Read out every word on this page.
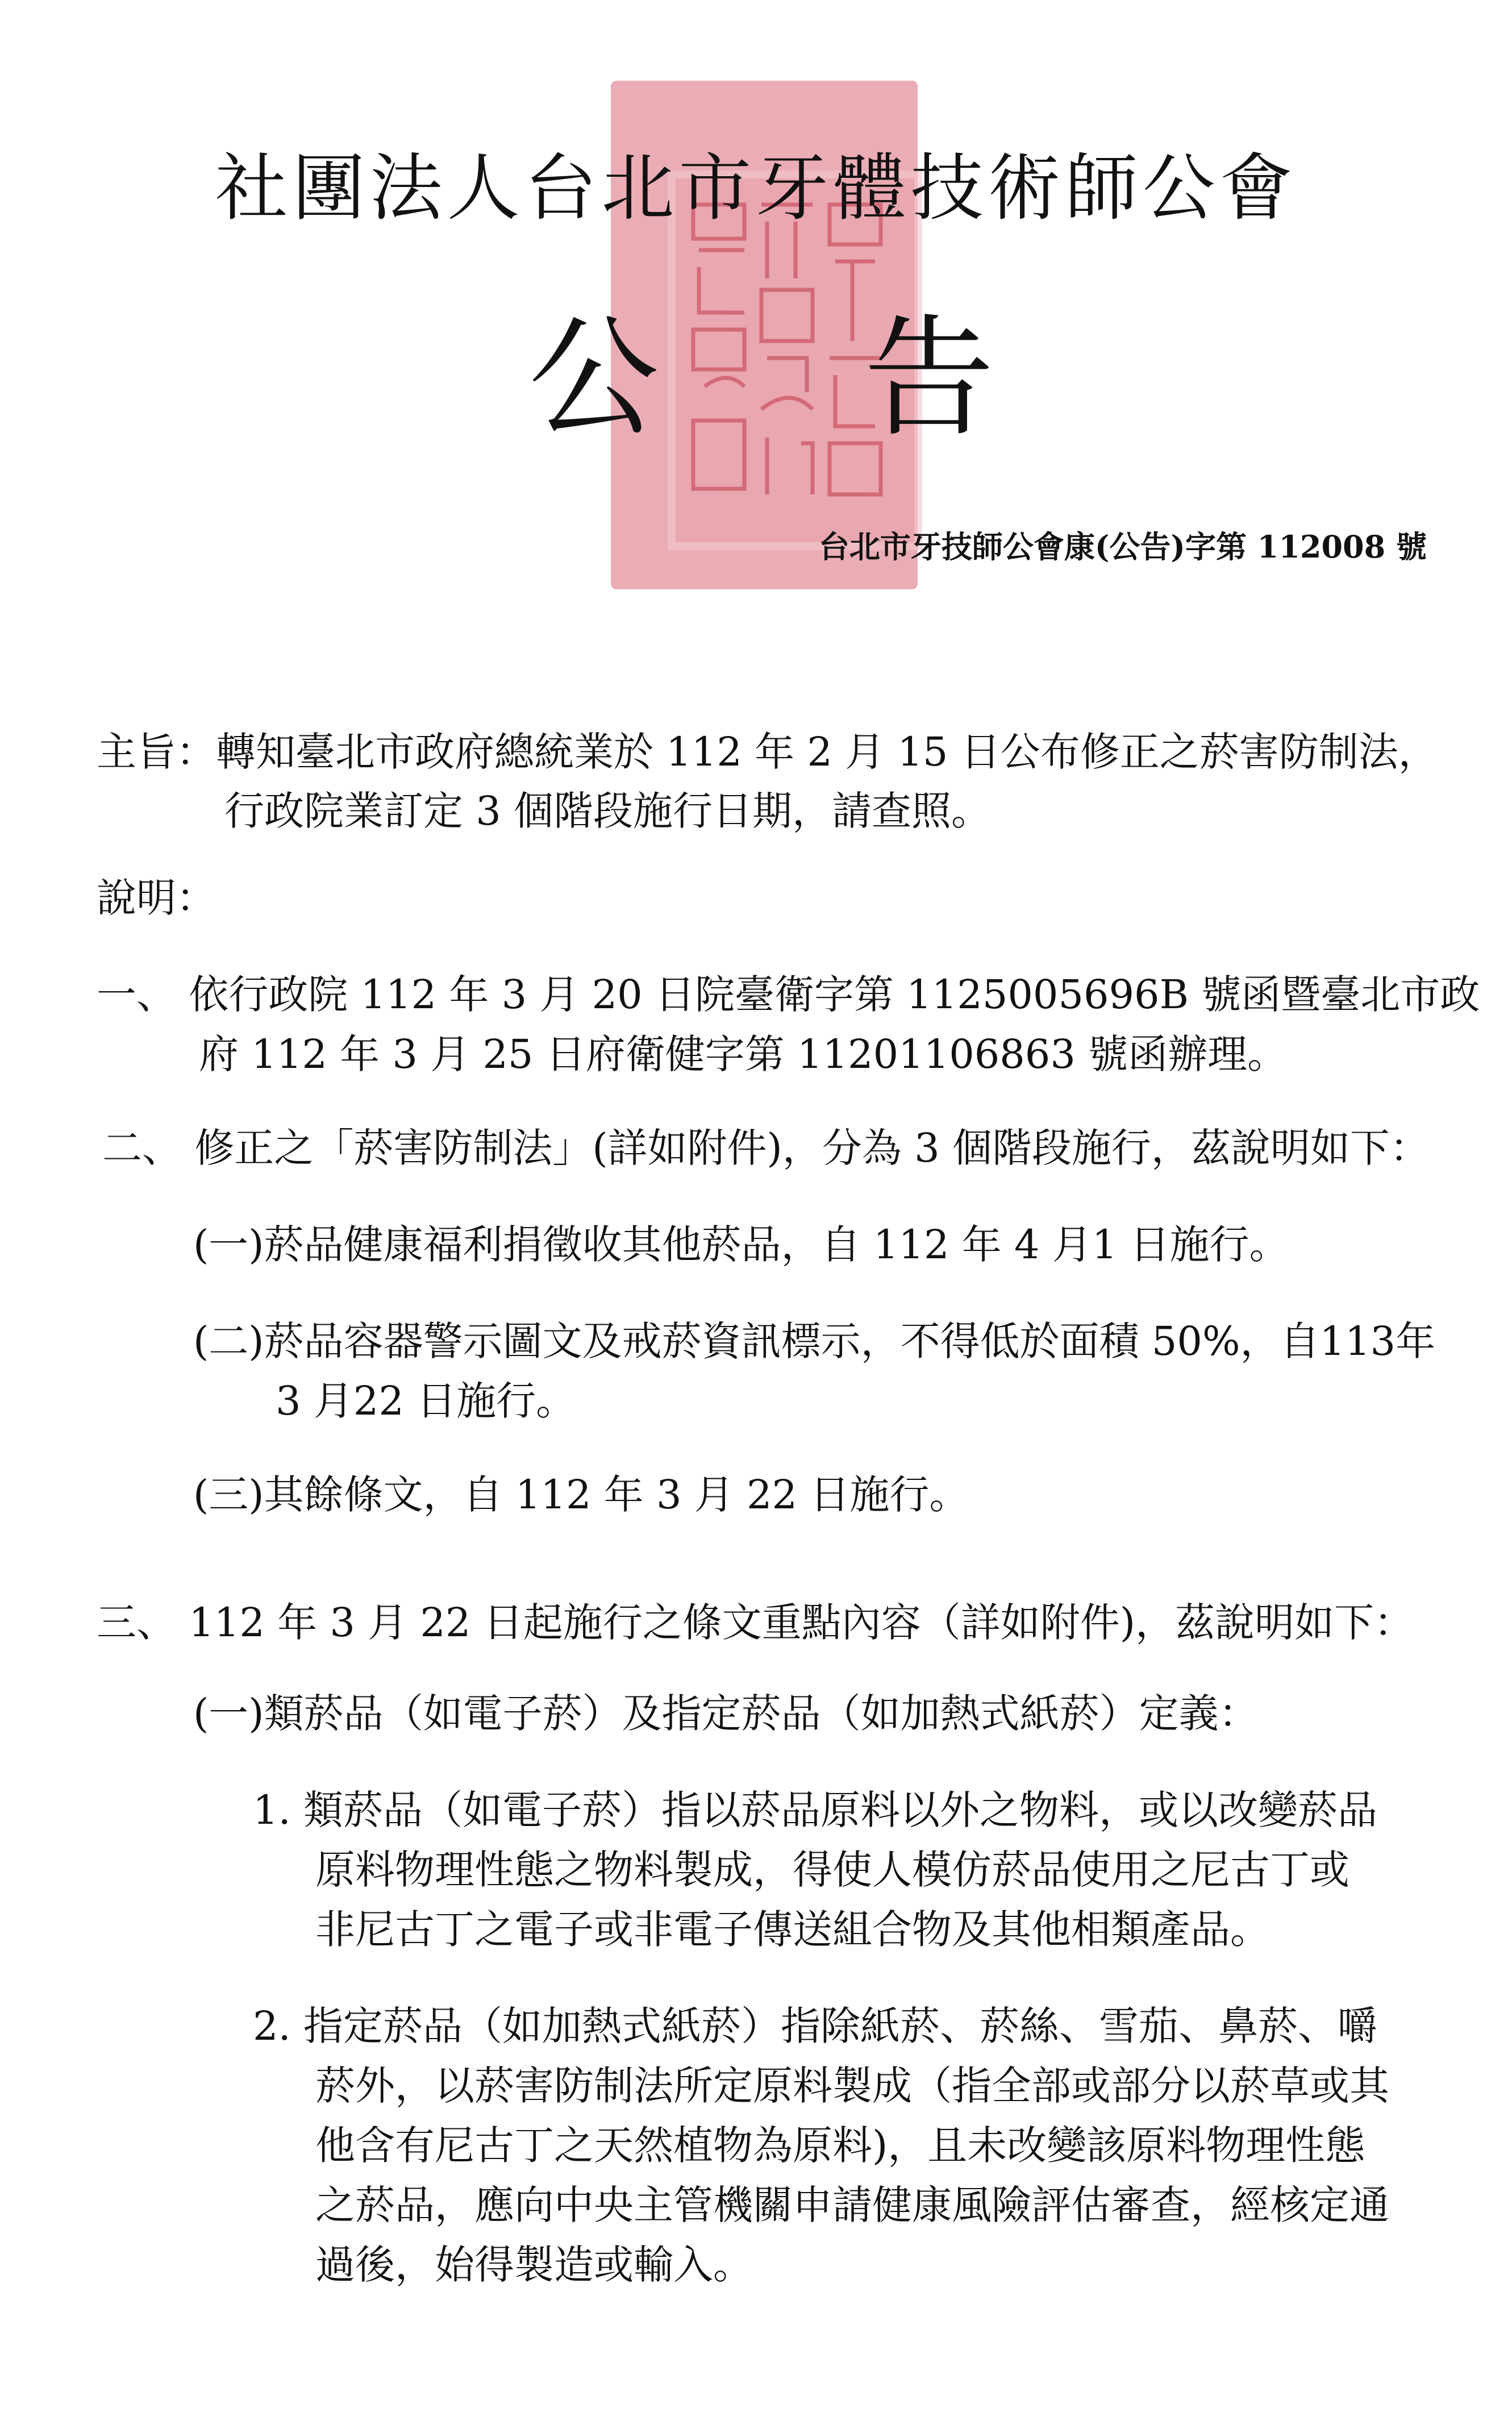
社團法人台北市牙體技術師公會
公 告
台北市牙技師公會康(公告)字第 112008 號
主旨：轉知臺北市政府總統業於 112 年 2 月 15 日公布修正之菸害防制法，
行政院業訂定 3 個階段施行日期，請查照。
說明：
一、 依行政院 112 年 3 月 20 日院臺衛字第 1125005696B 號函暨臺北市政
府 112 年 3 月 25 日府衛健字第 11201106863 號函辦理。
二、 修正之「菸害防制法」(詳如附件)，分為 3 個階段施行，茲說明如下：
(一)菸品健康福利捐徵收其他菸品，自 112 年 4 月1 日施行。
(二)菸品容器警示圖文及戒菸資訊標示，不得低於面積 50%，自113年
3 月22 日施行。
(三)其餘條文，自 112 年 3 月 22 日施行。
三、 112 年 3 月 22 日起施行之條文重點內容（詳如附件)，茲說明如下：
(一)類菸品（如電子菸）及指定菸品（如加熱式紙菸）定義：
1. 類菸品（如電子菸）指以菸品原料以外之物料，或以改變菸品
原料物理性態之物料製成，得使人模仿菸品使用之尼古丁或
非尼古丁之電子或非電子傳送組合物及其他相類產品。
2. 指定菸品（如加熱式紙菸）指除紙菸、菸絲、雪茄、鼻菸、嚼
菸外，以菸害防制法所定原料製成（指全部或部分以菸草或其
他含有尼古丁之天然植物為原料)，且未改變該原料物理性態
之菸品，應向中央主管機關申請健康風險評估審查，經核定通
過後，始得製造或輸入。
